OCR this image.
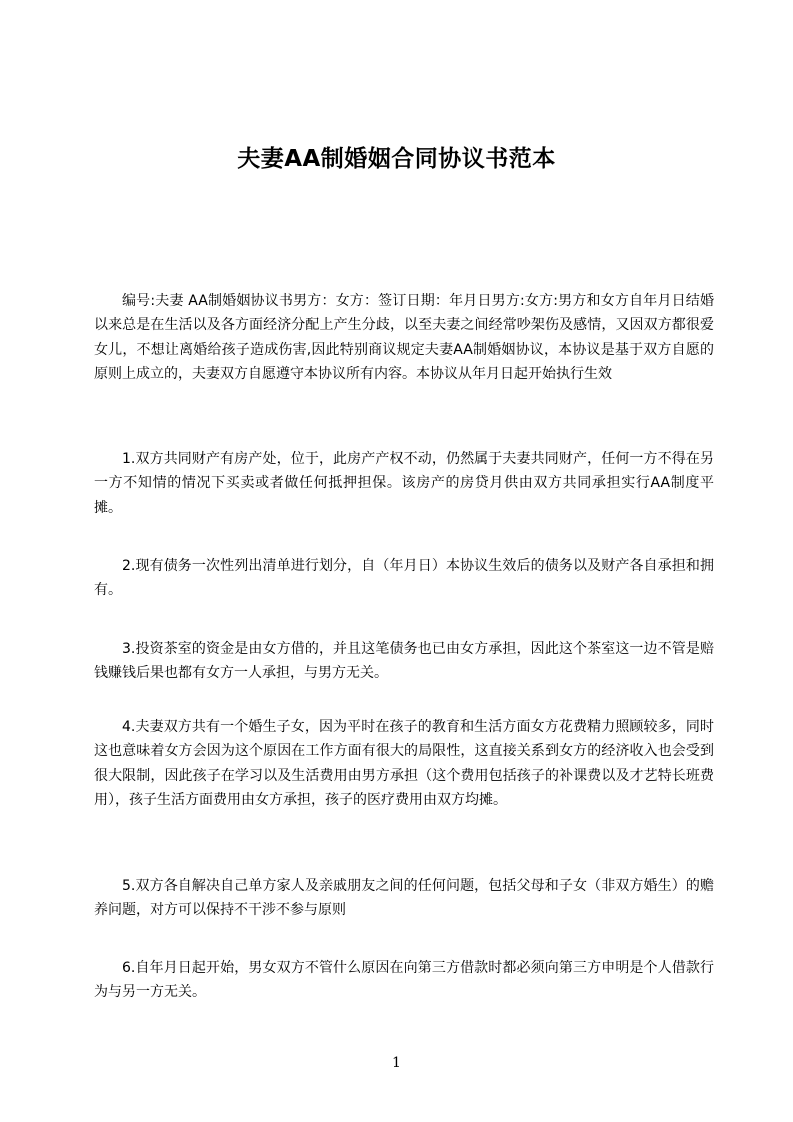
夫妻AA制婚姻合同协议书范本

编号:夫妻 AA制婚姻协议书男方：女方：签订日期：年月日男方:女方:男方和女方自年月日结婚以来总是在生活以及各方面经济分配上产生分歧，以至夫妻之间经常吵架伤及感情，又因双方都很爱女儿，不想让离婚给孩子造成伤害,因此特别商议规定夫妻AA制婚姻协议，本协议是基于双方自愿的原则上成立的，夫妻双方自愿遵守本协议所有内容。本协议从年月日起开始执行生效

1.双方共同财产有房产处，位于，此房产产权不动，仍然属于夫妻共同财产，任何一方不得在另一方不知情的情况下买卖或者做任何抵押担保。该房产的房贷月供由双方共同承担实行AA制度平摊。

2.现有债务一次性列出清单进行划分，自（年月日）本协议生效后的债务以及财产各自承担和拥有。

3.投资茶室的资金是由女方借的，并且这笔债务也已由女方承担，因此这个茶室这一边不管是赔钱赚钱后果也都有女方一人承担，与男方无关。

4.夫妻双方共有一个婚生子女，因为平时在孩子的教育和生活方面女方花费精力照顾较多，同时这也意味着女方会因为这个原因在工作方面有很大的局限性，这直接关系到女方的经济收入也会受到很大限制，因此孩子在学习以及生活费用由男方承担（这个费用包括孩子的补课费以及才艺特长班费用），孩子生活方面费用由女方承担，孩子的医疗费用由双方均摊。

5.双方各自解决自己单方家人及亲戚朋友之间的任何问题，包括父母和子女（非双方婚生）的赡养问题，对方可以保持不干涉不参与原则

6.自年月日起开始，男女双方不管什么原因在向第三方借款时都必须向第三方申明是个人借款行为与另一方无关。

1
